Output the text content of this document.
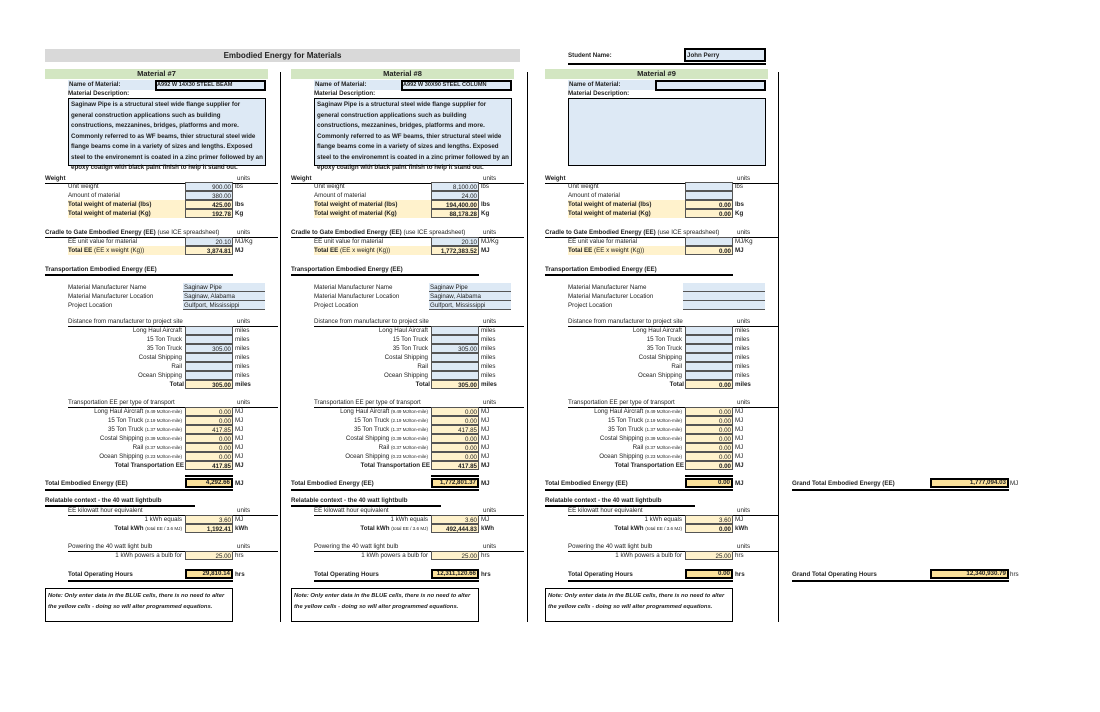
Embodied Energy for Materials	Student Name:	John Perry
Material #7
Name of Material:	A992 W 14X30 STEEL BEAM
Material Description:
Saginaw Pipe is a structural steel wide flange supplier for general construction applications such as building constructions, mezzanines, bridges, platforms and more. Commonly referred to as WF beams, thier structural steel wide flange beams come in a variety of sizes and lengths. Exposed steel to the environemnt is coated in a zinc primer followed by an epoxy coatign with black paint finish to help it stand out.
Weight	units
Unit weight	900.00 lbs
Amount of material	380.00
Total weight of material (lbs)	425.00 lbs
Total weight of material (Kg)	192.78 Kg
Cradle to Gate Embodied Energy (EE) (use ICE spreadsheet)	units
EE unit value for material	20.10 MJ/Kg
Total EE (EE x weight (Kg))	3,874.81 MJ
Transportation Embodied Energy (EE)
Material Manufacturer Name	Saginaw Pipe
Material Manufacturer Location	Saginaw, Alabama
Project Location	Gulfport, Mississippi
Distance from manufacturer to project site	units
Long Haul Aircraft	miles
15 Ton Truck	miles
35 Ton Truck	305.00 miles
Costal Shipping	miles
Rail	miles
Ocean Shipping	miles
Total	305.00 miles
Transportation EE per type of transport	units
Long Haul Aircraft (9.49 MJ/ton-mile)	0.00 MJ
15 Ton Truck (2.19 MJ/ton-mile)	0.00 MJ
35 Ton Truck (1.37 MJ/ton-mile)	417.85 MJ
Costal Shipping (0.39 MJ/ton-mile)	0.00 MJ
Rail (0.37 MJ/ton-mile)	0.00 MJ
Ocean Shipping (0.23 MJ/ton-mile)	0.00 MJ
Total Transportation EE	417.85 MJ
Total Embodied Energy (EE)	4,292.66 MJ
Relatable context - the 40 watt lightbulb
EE kilowatt hour equivalent	units
1 kWh equals	3.60 MJ
Total kWh (total EE / 3.6 MJ)	1,192.41 kWh
Powering the 40 watt light bulb	units
1 kWh powers a bulb for	25.00 hrs
Total Operating Hours	29,810.14 hrs
Note: Only enter data in the BLUE cells, there is no need to alter the yellow cells - doing so will alter programmed equations.
Material #8
Name of Material:	A992 W 30X90 STEEL COLUMN
Material Description:
Saginaw Pipe is a structural steel wide flange supplier for general construction applications such as building constructions, mezzanines, bridges, platforms and more. Commonly referred to as WF beams, thier structural steel wide flange beams come in a variety of sizes and lengths. Exposed steel to the environemnt is coated in a zinc primer followed by an epoxy coatign with black paint finish to help it stand out.
Weight	units
Unit weight	8,100.00 lbs
Amount of material	24.00
Total weight of material (lbs)	194,400.00 lbs
Total weight of material (Kg)	88,178.28 Kg
Cradle to Gate Embodied Energy (EE) (use ICE spreadsheet)	units
EE unit value for material	20.10 MJ/Kg
Total EE (EE x weight (Kg))	1,772,383.52 MJ
Transportation Embodied Energy (EE)
Material Manufacturer Name	Saginaw Pipe
Material Manufacturer Location	Saginaw, Alabama
Project Location	Gulfport, Mississippi
Distance from manufacturer to project site	units
Long Haul Aircraft	miles
15 Ton Truck	miles
35 Ton Truck	305.00 miles
Costal Shipping	miles
Rail	miles
Ocean Shipping	miles
Total	305.00 miles
Transportation EE per type of transport	units
Long Haul Aircraft (9.49 MJ/ton-mile)	0.00 MJ
15 Ton Truck (2.19 MJ/ton-mile)	0.00 MJ
35 Ton Truck (1.37 MJ/ton-mile)	417.85 MJ
Costal Shipping (0.39 MJ/ton-mile)	0.00 MJ
Rail (0.37 MJ/ton-mile)	0.00 MJ
Ocean Shipping (0.23 MJ/ton-mile)	0.00 MJ
Total Transportation EE	417.85 MJ
Total Embodied Energy (EE)	1,772,801.37 MJ
Relatable context - the 40 watt lightbulb
EE kilowatt hour equivalent	units
1 kWh equals	3.60 MJ
Total kWh (total EE / 3.6 MJ)	492,444.83 kWh
Powering the 40 watt light bulb	units
1 kWh powers a bulb for	25.00 hrs
Total Operating Hours	12,311,120.66 hrs
Note: Only enter data in the BLUE cells, there is no need to alter the yellow cells - doing so will alter programmed equations.
Material #9
Name of Material:
Material Description:
Weight	units
Unit weight	lbs
Amount of material
Total weight of material (lbs)	0.00 lbs
Total weight of material (Kg)	0.00 Kg
Cradle to Gate Embodied Energy (EE) (use ICE spreadsheet)	units
EE unit value for material	MJ/Kg
Total EE (EE x weight (Kg))	0.00 MJ
Transportation Embodied Energy (EE)
Material Manufacturer Name
Material Manufacturer Location
Project Location
Distance from manufacturer to project site	units
Long Haul Aircraft	miles
15 Ton Truck	miles
35 Ton Truck	miles
Costal Shipping	miles
Rail	miles
Ocean Shipping	miles
Total	0.00 miles
Transportation EE per type of transport	units
Long Haul Aircraft (9.49 MJ/ton-mile)	0.00 MJ
15 Ton Truck (2.19 MJ/ton-mile)	0.00 MJ
35 Ton Truck (1.37 MJ/ton-mile)	0.00 MJ
Costal Shipping (0.39 MJ/ton-mile)	0.00 MJ
Rail (0.37 MJ/ton-mile)	0.00 MJ
Ocean Shipping (0.23 MJ/ton-mile)	0.00 MJ
Total Transportation EE	0.00 MJ
Total Embodied Energy (EE)	0.00 MJ
Relatable context - the 40 watt lightbulb
EE kilowatt hour equivalent	units
1 kWh equals	3.60 MJ
Total kWh (total EE / 3.6 MJ)	0.00 kWh
Powering the 40 watt light bulb	units
1 kWh powers a bulb for	25.00 hrs
Total Operating Hours	0.00 hrs
Note: Only enter data in the BLUE cells, there is no need to alter the yellow cells - doing so will alter programmed equations.
Grand Total Embodied Energy (EE)	1,777,094.03 MJ
Grand Total Operating Hours	12,340,930.79 hrs
